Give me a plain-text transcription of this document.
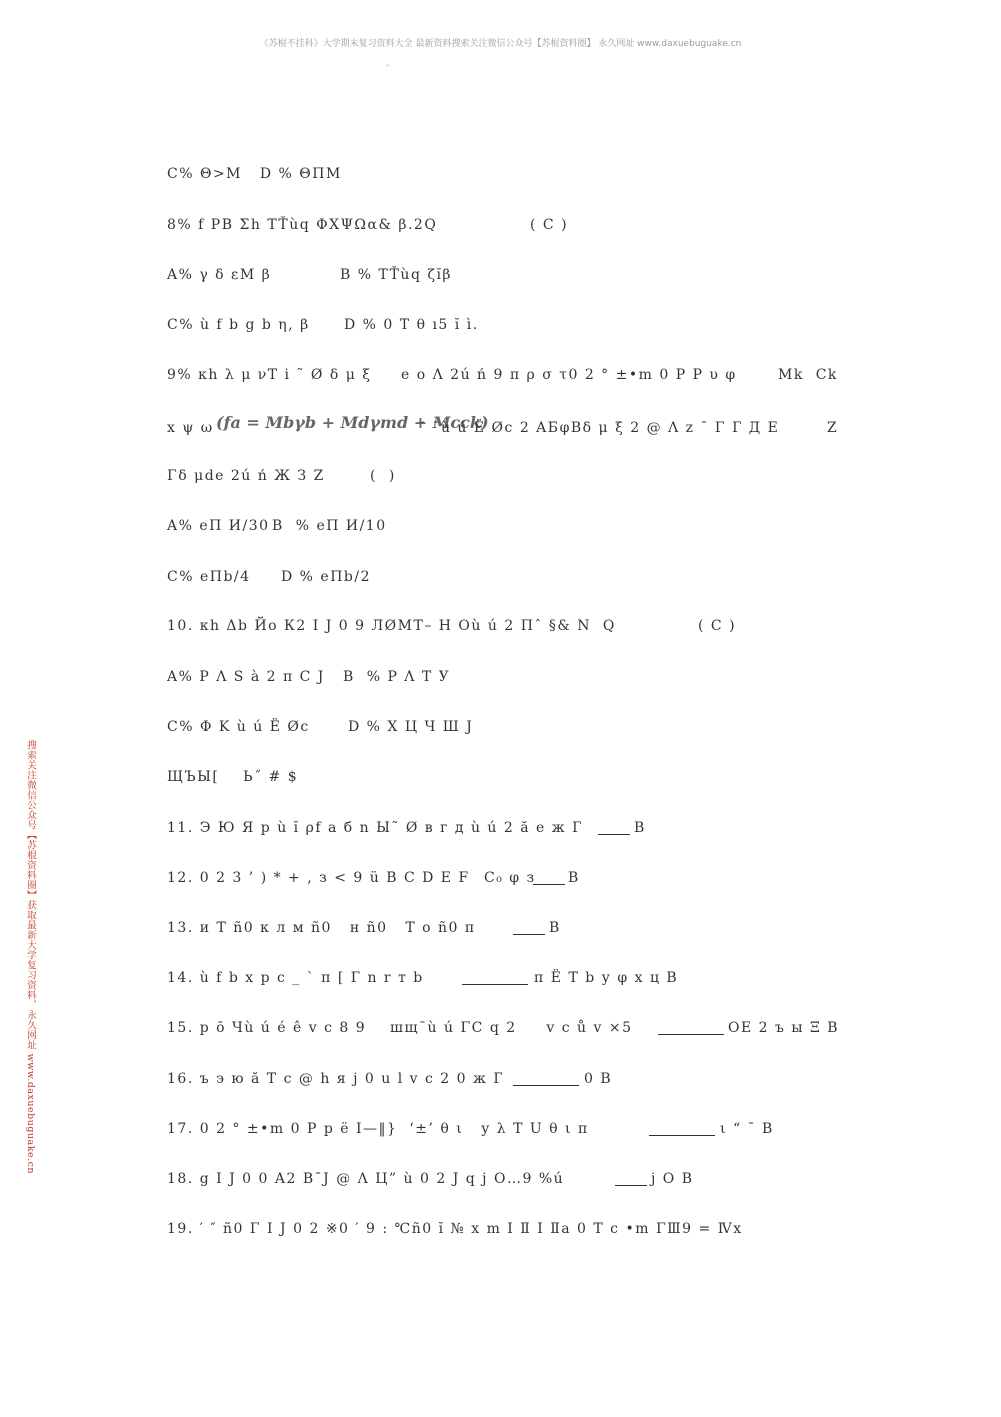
《苏棍不挂科》大学期末复习资料大全 最新资料搜索关注微信公众号【苏棍资料圈】 永久网址 www.daxuebuguake.cn
。
搜索关注微信公众号【苏棍资料圈】获取最新大学复习资料，永久网址 www.daxuebuguake.cn
C% Θ>M   D % ΘΠM
8% f PB Σh TŤùq ΦXΨΩα& β.2Q	( C )
A% γ δ εM β	B % TŤùq ζĭβ
C% ù f b g b η, β D % 0 T θ ı5 ĭ ì.
9% κh λ μ νT i ˜ Ø δ μ ξ e ο Λ 2ú ń 9 π ρ σ τ0 2 ° ±•m 0 P P υ φ	Mk  Ck
x ψ ω (fa = Mbγb + Mdγmd + Mcck)
˘ ¯ù ú Ë Øc 2 ΑБφВδ μ ξ 2 @ Λ z ¯ Γ Г Д Е	Z
Γδ μde 2ú ń Ж З Z	(  )
A% eΠ И/30 B  % eΠ И/10
C% eΠb/4 D % eΠb/2
10. κh Δb Йο К2 I J 0 9 ЛØMТ– H Où ú 2 Πˆ §& N  Q	( C )
A% P Λ S à 2 π C J B  % P Λ T У
C% Φ K ù ú Ë Øc	D % X Ц Ч Ш J
ЩЪЫ[    Ь˝ # $
11. Э Ю Я p ù ĭ ρf а б n Ы˜ Ø в г д ù ú 2 ă е ж Г	В
12. 0 2 3 ’ ) * + , з < 9 ü B C D E F C₀ φ з В
13. и T ñ0 к л м ñ0   н ñ0   T о ñ0 п	В
14. ù f b x p c _ ` π [ Г n r т b	п Ë T b у φ х ц В
15. p ō Чù ú é ê v c 8 9 шщ¯ù ú ΓC q 2     v c ů v ×5	OE 2 ъ ы Ξ В
16. ъ э ю ă T c @ h я j 0 u l v c 2 0 ж Г	0 В
17. 0 2 ° ±•m 0 P p ë I—‖}  ‘±’ θ ι   у λ T U θ ι п	ι “ ¯ В
18. g I J 0 0 A2 В¯J @ Λ Ц” ù 0 2 J q j O…9 %ú	j O В
19. ′ ″ ñ0 Γ I J 0 2 ※0 ′ 9 : ℃ñ0 ĭ № x m I Ⅱ I Ⅱa 0 T c •m ΓⅢ9 = Ⅳx
